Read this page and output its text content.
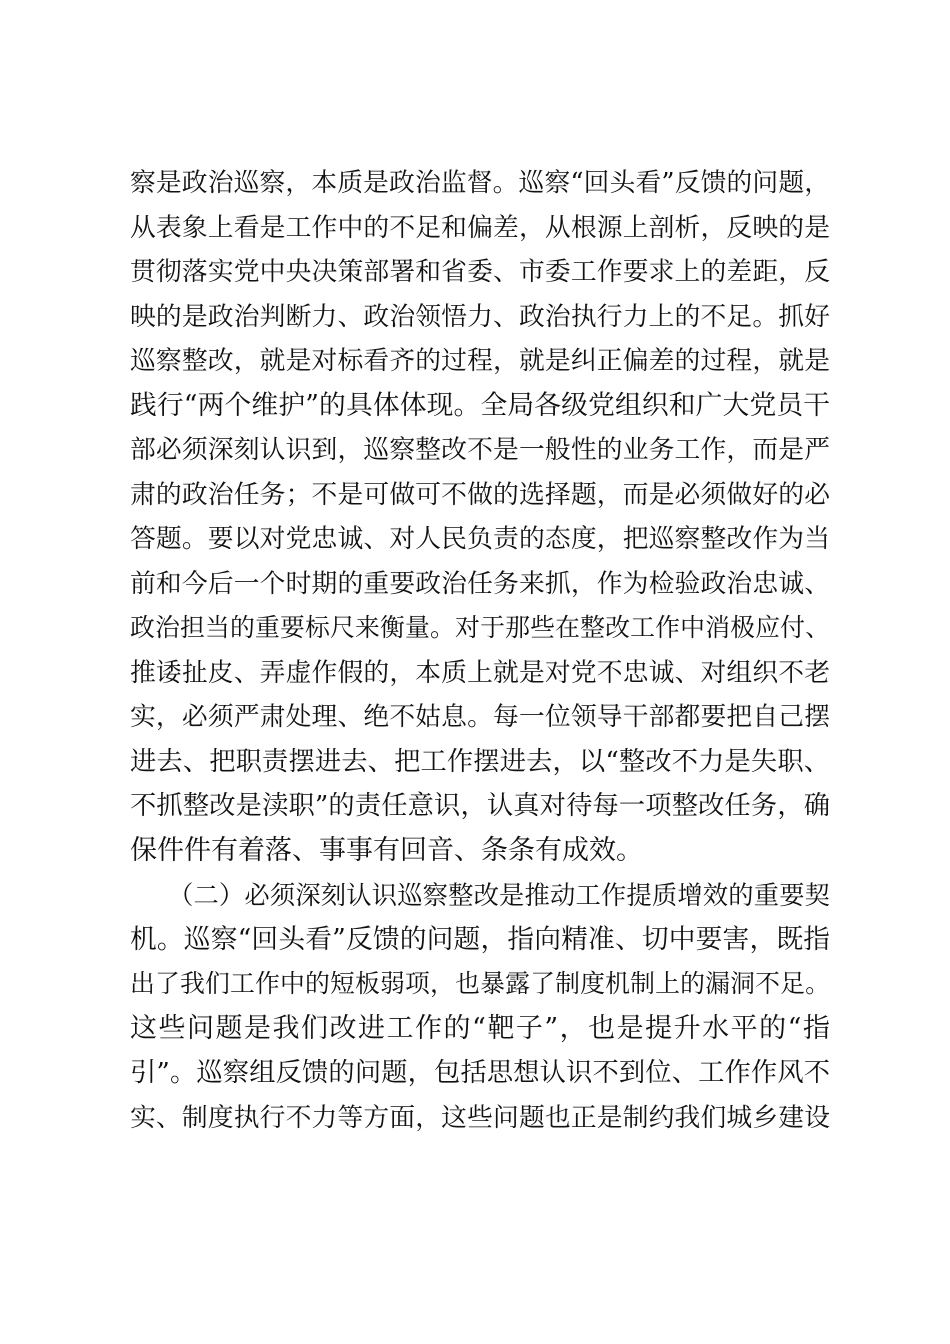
察是政治巡察，本质是政治监督。巡察“回头看”反馈的问题，
从表象上看是工作中的不足和偏差，从根源上剖析，反映的是
贯彻落实党中央决策部署和省委、市委工作要求上的差距，反
映的是政治判断力、政治领悟力、政治执行力上的不足。抓好
巡察整改，就是对标看齐的过程，就是纠正偏差的过程，就是
践行“两个维护”的具体体现。全局各级党组织和广大党员干
部必须深刻认识到，巡察整改不是一般性的业务工作，而是严
肃的政治任务；不是可做可不做的选择题，而是必须做好的必
答题。要以对党忠诚、对人民负责的态度，把巡察整改作为当
前和今后一个时期的重要政治任务来抓，作为检验政治忠诚、
政治担当的重要标尺来衡量。对于那些在整改工作中消极应付、
推诿扯皮、弄虚作假的，本质上就是对党不忠诚、对组织不老
实，必须严肃处理、绝不姑息。每一位领导干部都要把自己摆
进去、把职责摆进去、把工作摆进去，以“整改不力是失职、
不抓整改是渎职”的责任意识，认真对待每一项整改任务，确
保件件有着落、事事有回音、条条有成效。
（二）必须深刻认识巡察整改是推动工作提质增效的重要契
机。巡察“回头看”反馈的问题，指向精准、切中要害，既指
出了我们工作中的短板弱项，也暴露了制度机制上的漏洞不足。
这些问题是我们改进工作的“靶子”，也是提升水平的“指
引”。巡察组反馈的问题，包括思想认识不到位、工作作风不
实、制度执行不力等方面，这些问题也正是制约我们城乡建设
